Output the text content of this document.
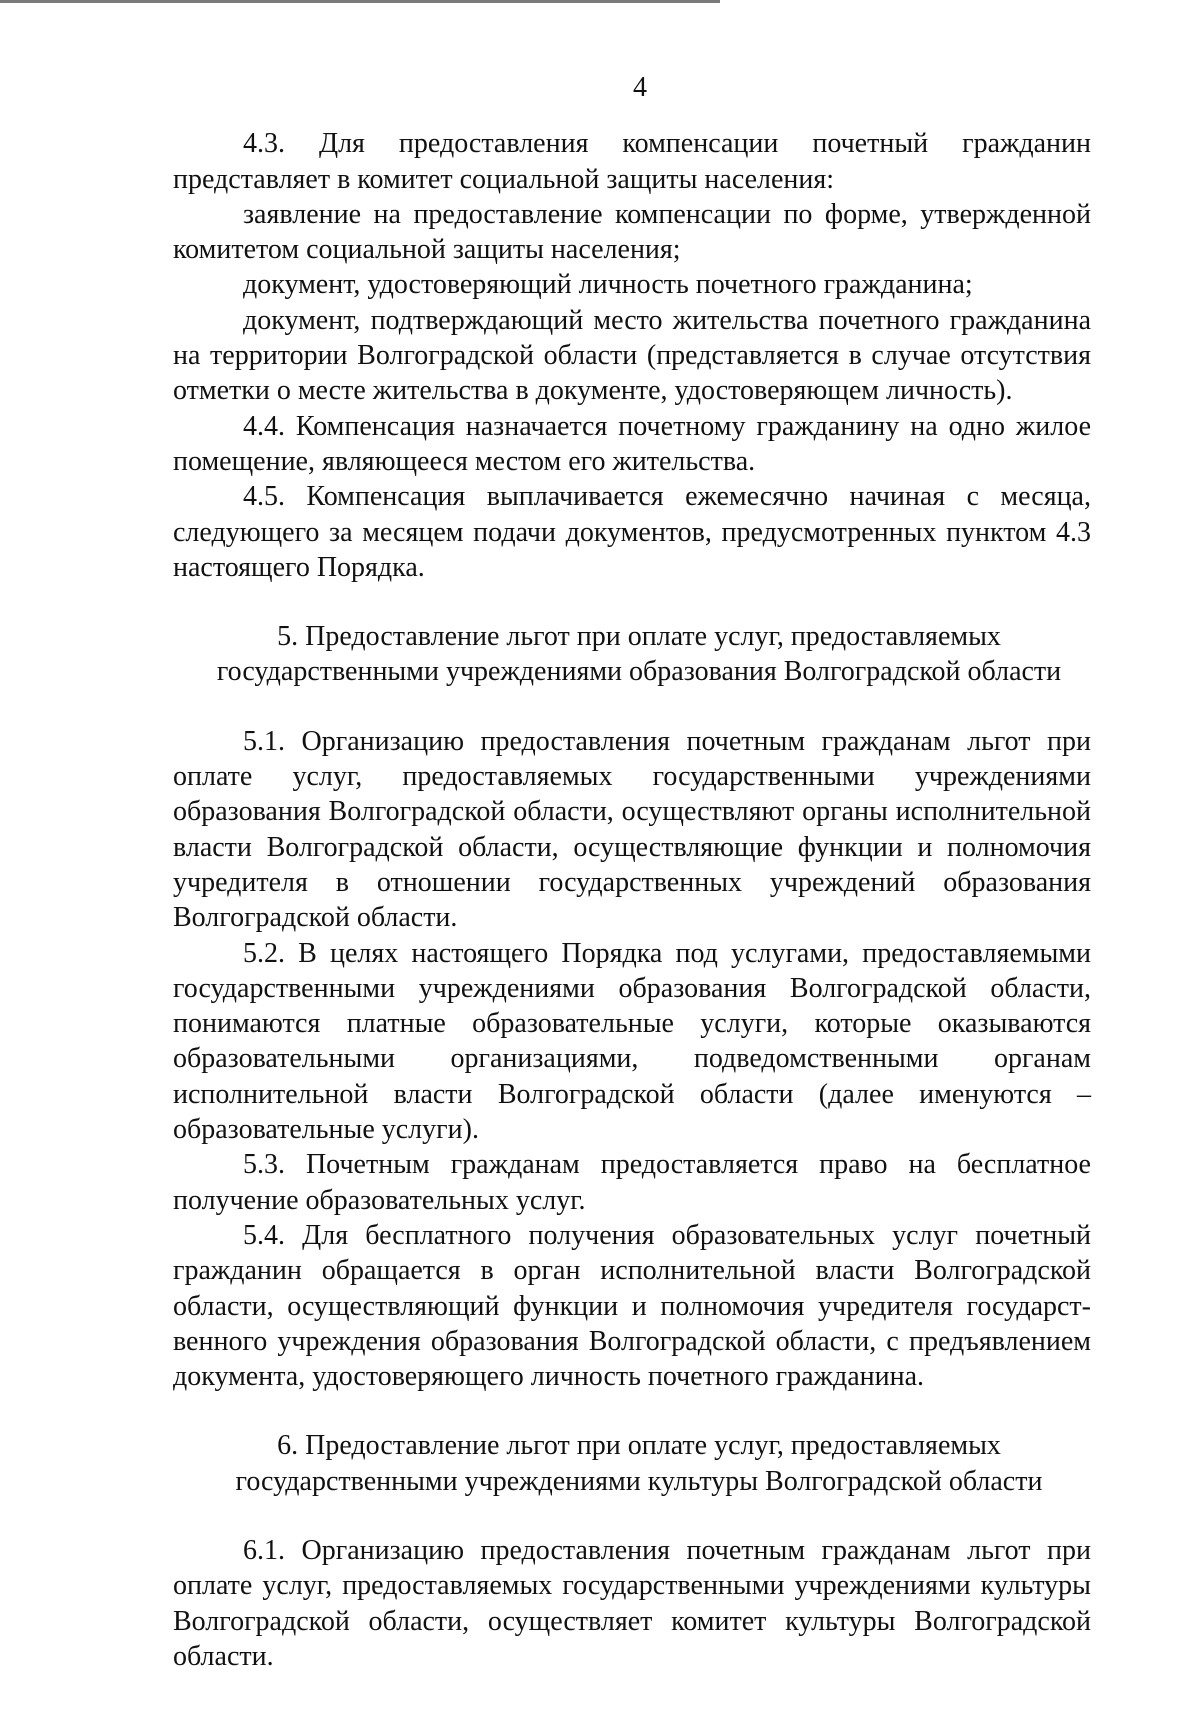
4

4.3. Для предоставления компенсации почетный гражданин представляет в комитет социальной защиты населения:

заявление на предоставление компенсации по форме, утвержденной комитетом социальной защиты населения;

документ, удостоверяющий личность почетного гражданина;

документ, подтверждающий место жительства почетного гражданина на территории Волгоградской области (представляется в случае отсутствия отметки о месте жительства в документе, удостоверяющем личность).

4.4. Компенсация назначается почетному гражданину на одно жилое помещение, являющееся местом его жительства.

4.5. Компенсация выплачивается ежемесячно начиная с месяца, следующего за месяцем подачи документов, предусмотренных пунктом 4.3 настоящего Порядка.

5. Предоставление льгот при оплате услуг, предоставляемых

государственными учреждениями образования Волгоградской области

5.1. Организацию предоставления почетным гражданам льгот при оплате услуг, предоставляемых государственными учреждениями образования Волгоградской области, осуществляют органы исполнительной власти Волгоградской области, осуществляющие функции и полномочия учредителя в отношении государственных учреждений образования Волгоградской области.

5.2. В целях настоящего Порядка под услугами, предоставляемыми государственными учреждениями образования Волгоградской области, понимаются платные образовательные услуги, которые оказываются образовательными организациями, подведомственными органам исполнительной власти Волгоградской области (далее именуются – образовательные услуги).

5.3. Почетным гражданам предоставляется право на бесплатное получение образовательных услуг.

5.4. Для бесплатного получения образовательных услуг почетный гражданин обращается в орган исполнительной власти Волгоградской области, осуществляющий функции и полномочия учредителя государственного учреждения образования Волгоградской области, с предъявлением документа, удостоверяющего личность почетного гражданина.

6. Предоставление льгот при оплате услуг, предоставляемых

государственными учреждениями культуры Волгоградской области

6.1. Организацию предоставления почетным гражданам льгот при оплате услуг, предоставляемых государственными учреждениями культуры Волгоградской области, осуществляет комитет культуры Волгоградской области.
